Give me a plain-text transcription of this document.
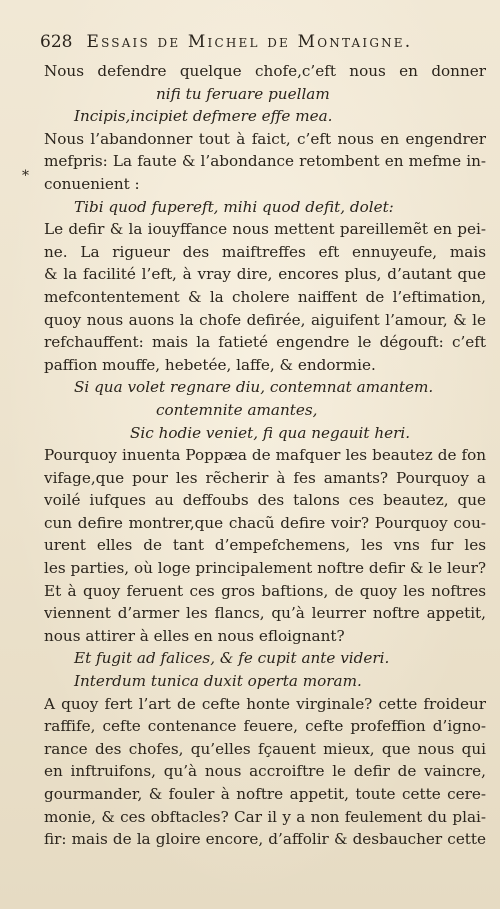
628 Essais de Michel de Montaigne.
*
Nous defendre quelque chofe,c’eft nous en donner
nifi tu feruare puellam
Incipis,incipiet defmere effe mea.
Nous l’abandonner tout à faict, c’eft nous en engendrer
mefpris: La faute & l’abondance retombent en mefme in-
conuenient :
Tibi quod fupereft, mihi quod defit, dolet:
Le defir & la iouyffance nous mettent pareillemẽt en pei-
ne. La rigueur des maiftreffes eft ennuyeufe, mais
& la facilité l’eft, à vray dire, encores plus, d’autant que
mefcontentement & la cholere naiffent de l’eftimation,
quoy nous auons la chofe defirée, aiguifent l’amour, & le
refchauffent: mais la fatieté engendre le dégouft: c’eft
paffion mouffe, hebetée, laffe, & endormie.
Si qua volet regnare diu, contemnat amantem.
contemnite amantes,
Sic hodie veniet, fi qua negauit heri.
Pourquoy inuenta Poppæa de mafquer les beautez de fon
vifage,que pour les rẽcherir à fes amants? Pourquoy a
voilé iufques au deffoubs des talons ces beautez, que
cun defire montrer,que chacũ defire voir? Pourquoy cou-
urent elles de tant d’empefchemens, les vns fur les
les parties, où loge principalement noftre defir & le leur?
Et à quoy feruent ces gros baftions, de quoy les noftres
viennent d’armer les flancs, qu’à leurrer noftre appetit,
nous attirer à elles en nous efloignant?
Et fugit ad falices, & fe cupit ante videri.
Interdum tunica duxit operta moram.
A quoy fert l’art de cefte honte virginale? cette froideur
raffife, cefte contenance feuere, cefte profeffion d’igno-
rance des chofes, qu’elles fçauent mieux, que nous qui
en inftruifons, qu’à nous accroiftre le defir de vaincre,
gourmander, & fouler à noftre appetit, toute cette cere-
monie, & ces obftacles? Car il y a non feulement du plai-
fir: mais de la gloire encore, d’affolir & desbaucher cette
